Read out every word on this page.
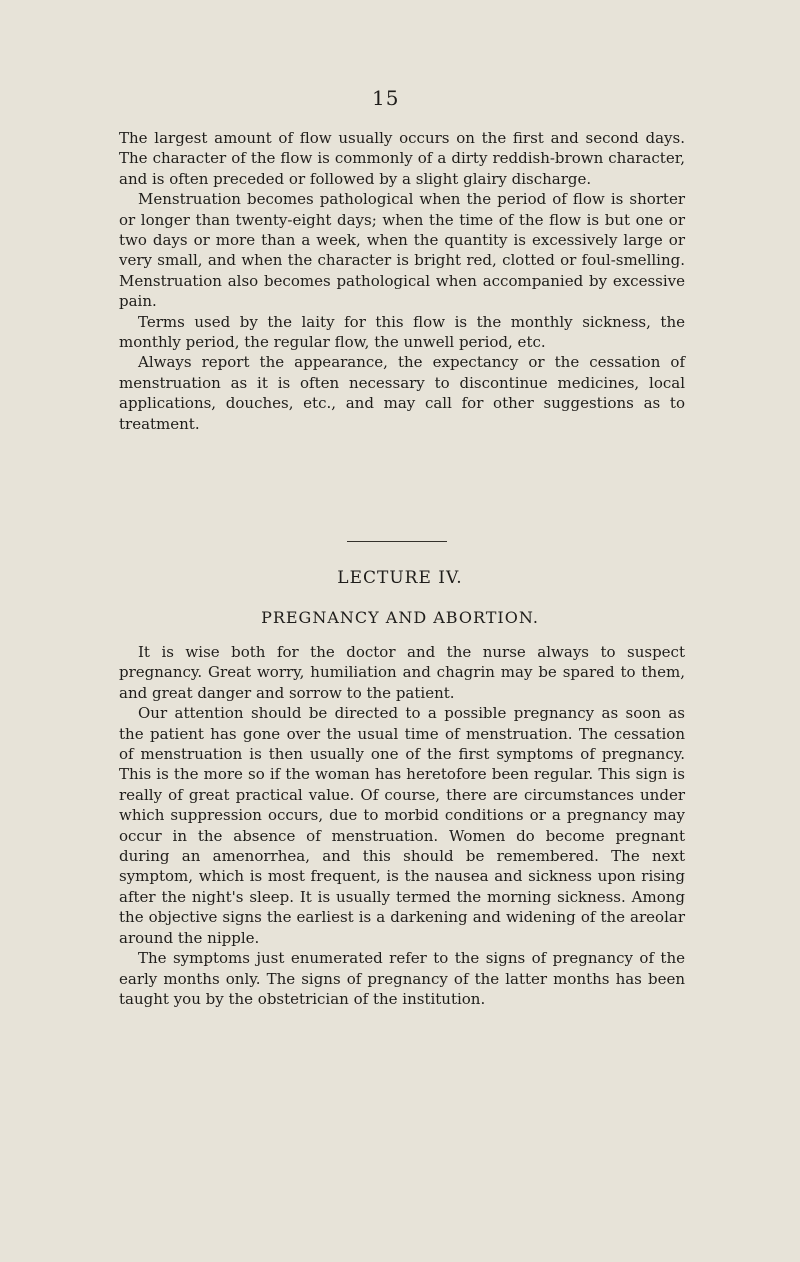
15

The largest amount of flow usually occurs on the first and second days. The character of the flow is commonly of a dirty reddish-brown character, and is often preceded or followed by a slight glairy discharge.

Menstruation becomes pathological when the period of flow is shorter or longer than twenty-eight days; when the time of the flow is but one or two days or more than a week, when the quantity is excessively large or very small, and when the character is bright red, clotted or foul-smelling. Menstruation also becomes pathological when accompanied by excessive pain.

Terms used by the laity for this flow is the monthly sickness, the monthly period, the regular flow, the unwell period, etc.

Always report the appearance, the expectancy or the cessation of menstruation as it is often necessary to discontinue medicines, local applications, douches, etc., and may call for other suggestions as to treatment.

LECTURE IV.
PREGNANCY AND ABORTION.

It is wise both for the doctor and the nurse always to suspect pregnancy. Great worry, humiliation and chagrin may be spared to them, and great danger and sorrow to the patient.

Our attention should be directed to a possible pregnancy as soon as the patient has gone over the usual time of menstruation. The cessation of menstruation is then usually one of the first symptoms of pregnancy. This is the more so if the woman has heretofore been regular. This sign is really of great practical value. Of course, there are circumstances under which suppression occurs, due to morbid conditions or a pregnancy may occur in the absence of menstruation. Women do become pregnant during an amenorrhea, and this should be remembered. The next symptom, which is most frequent, is the nausea and sickness upon rising after the night's sleep. It is usually termed the morning sickness. Among the objective signs the earliest is a darkening and widening of the areolar around the nipple.

The symptoms just enumerated refer to the signs of pregnancy of the early months only. The signs of pregnancy of the latter months has been taught you by the obstetrician of the institution.
